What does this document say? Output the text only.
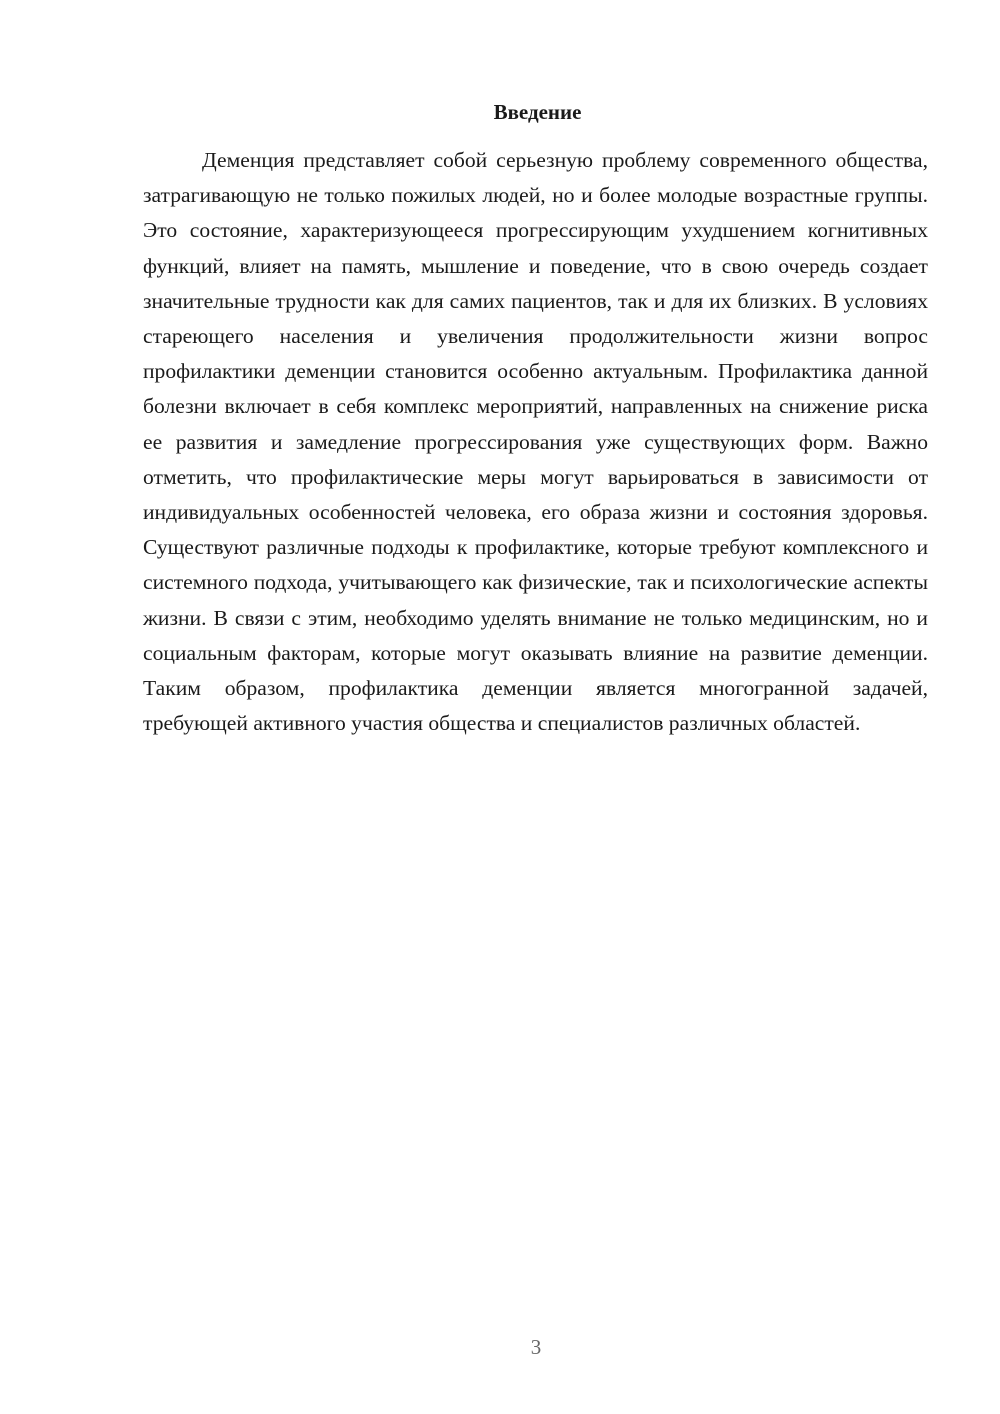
Введение

Деменция представляет собой серьезную проблему современного общества, затрагивающую не только пожилых людей, но и более молодые возрастные группы. Это состояние, характеризующееся прогрессирующим ухудшением когнитивных функций, влияет на память, мышление и поведение, что в свою очередь создает значительные трудности как для самих пациентов, так и для их близких. В условиях стареющего населения и увеличения продолжительности жизни вопрос профилактики деменции становится особенно актуальным. Профилактика данной болезни включает в себя комплекс мероприятий, направленных на снижение риска ее развития и замедление прогрессирования уже существующих форм. Важно отметить, что профилактические меры могут варьироваться в зависимости от индивидуальных особенностей человека, его образа жизни и состояния здоровья. Существуют различные подходы к профилактике, которые требуют комплексного и системного подхода, учитывающего как физические, так и психологические аспекты жизни. В связи с этим, необходимо уделять внимание не только медицинским, но и социальным факторам, которые могут оказывать влияние на развитие деменции. Таким образом, профилактика деменции является многогранной задачей, требующей активного участия общества и специалистов различных областей.

3
